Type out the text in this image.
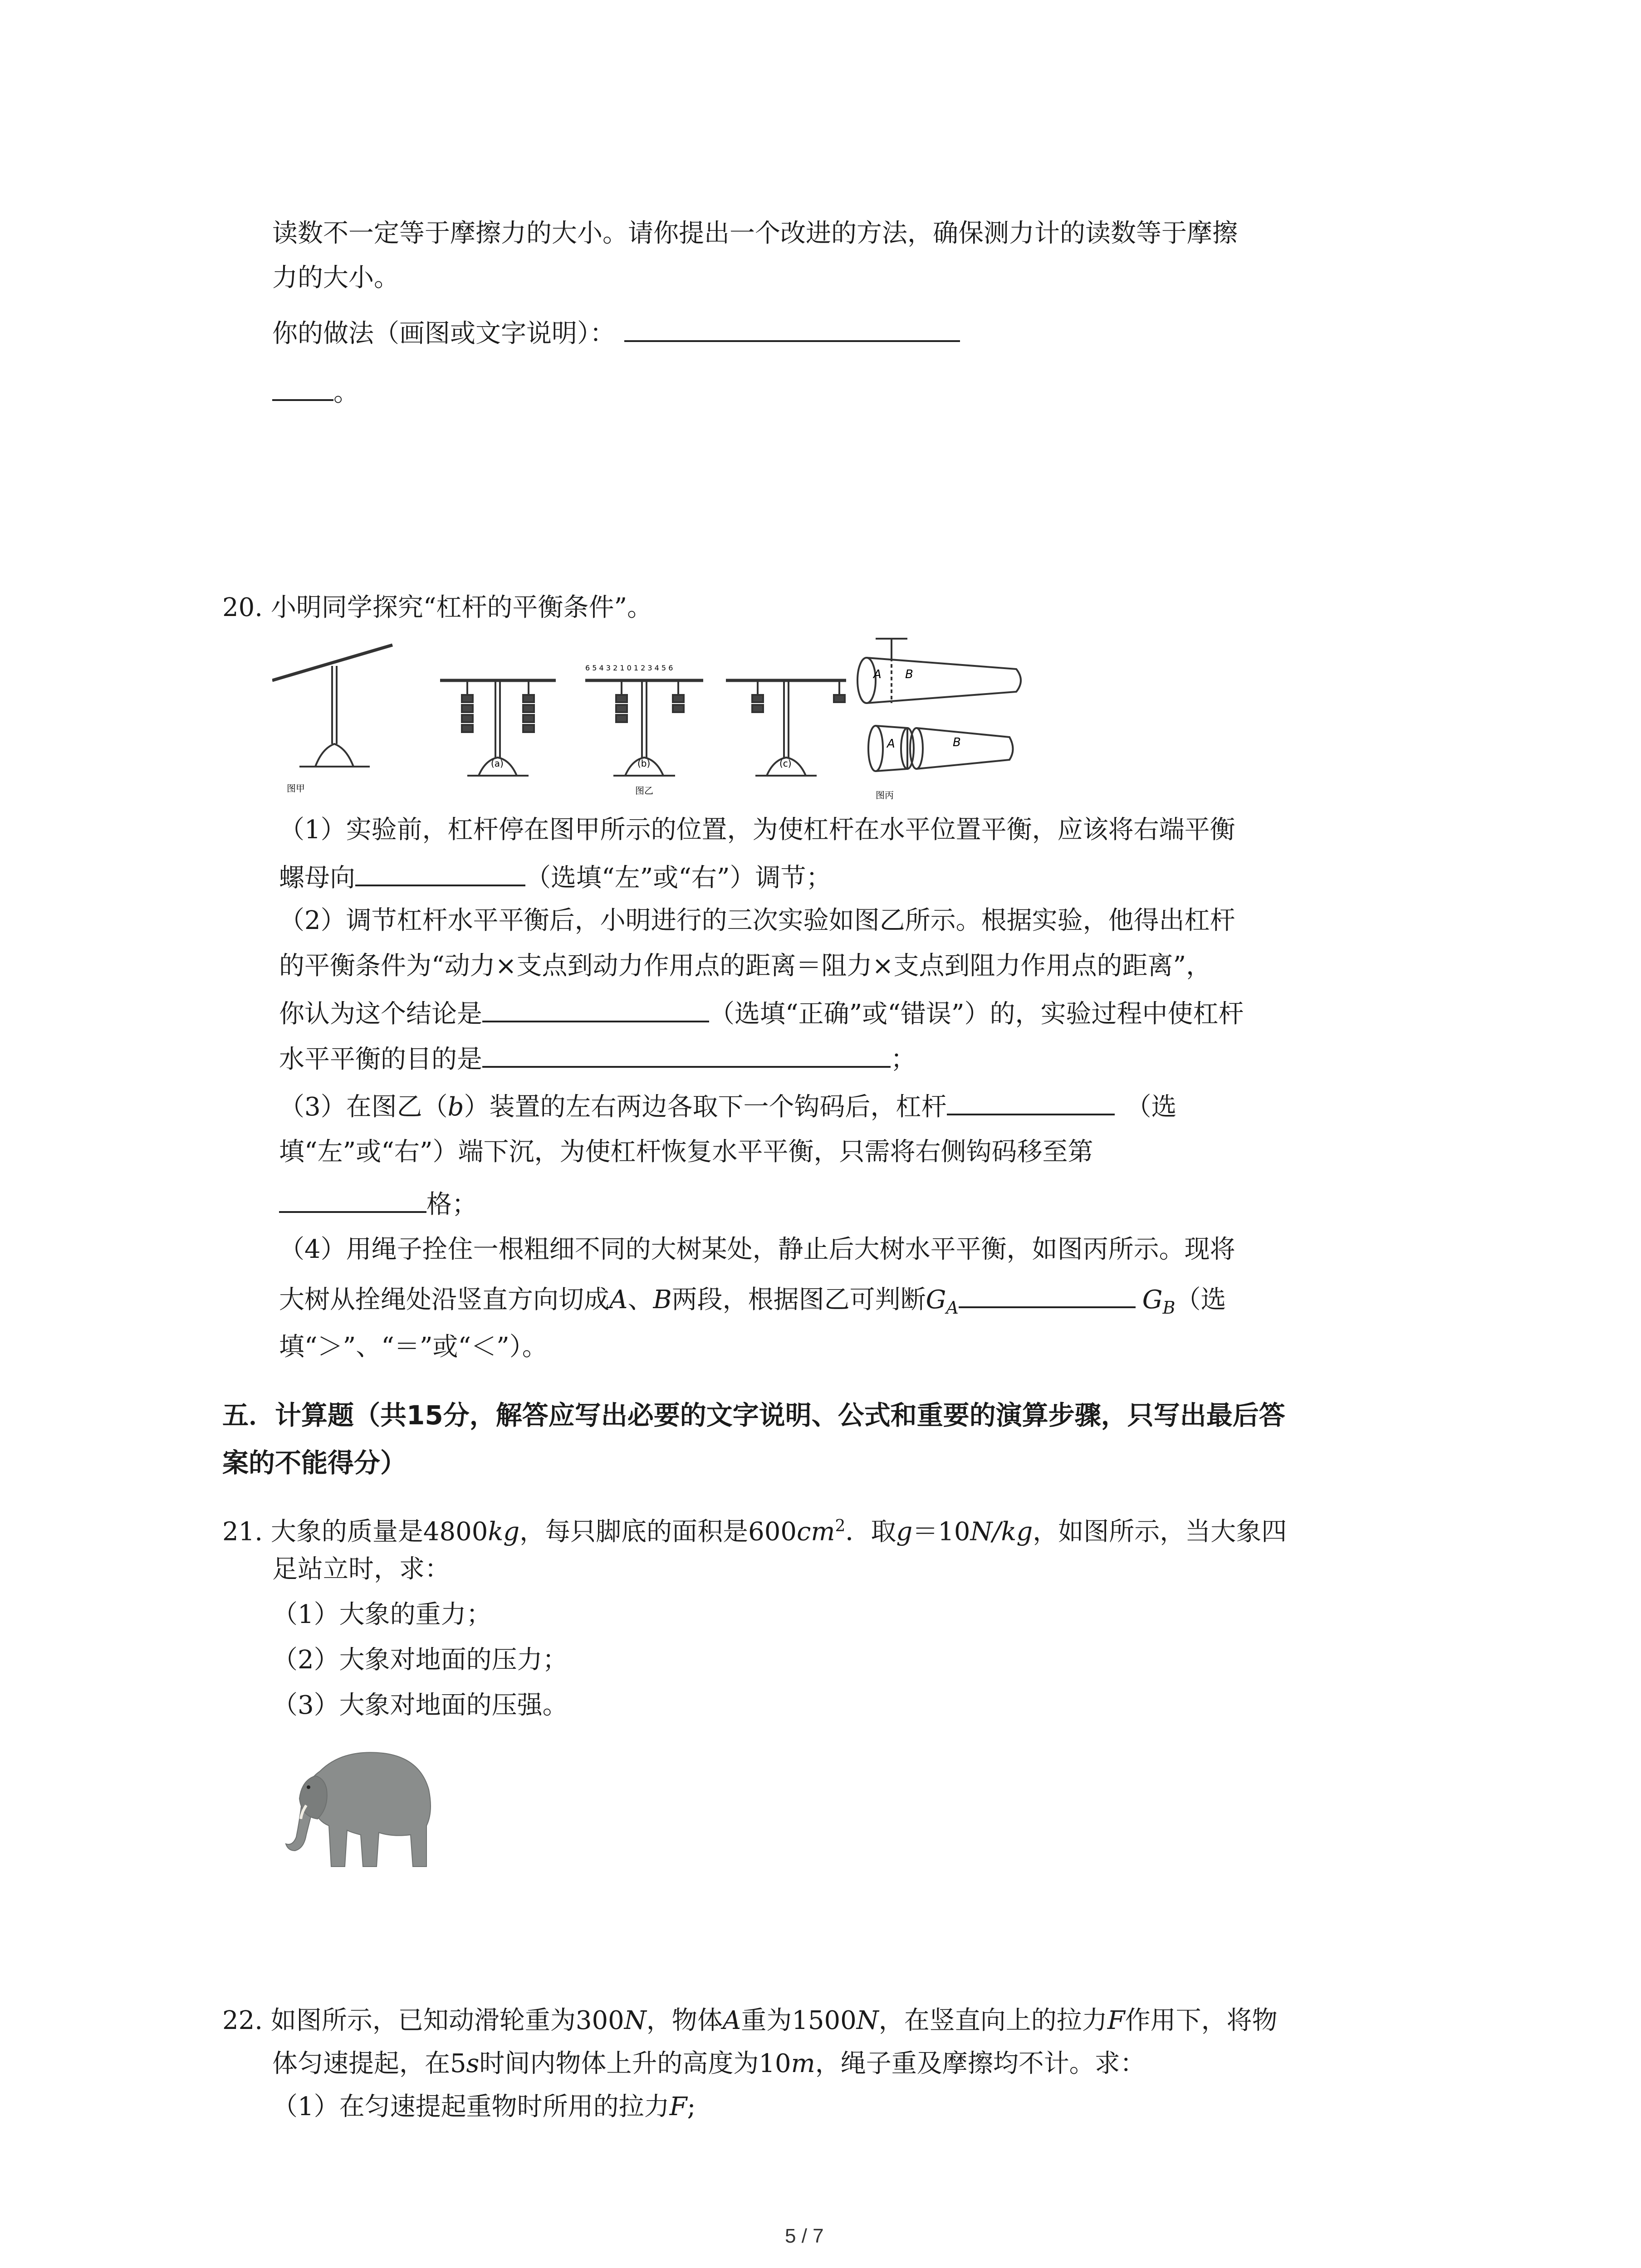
读数不一定等于摩擦力的大小。请你提出一个改进的方法，确保测力计的读数等于摩擦
力的大小。
你的做法（画图或文字说明）：
。
20. 小明同学探究“杠杆的平衡条件”。
6 5 4 3 2 1 0 1 2 3 4 5 6
图甲
(a)	(b)	(c)
图乙	图丙
A B
A	B
（1）实验前，杠杆停在图甲所示的位置，为使杠杆在水平位置平衡，应该将右端平衡
螺母向	（选填“左”或“右”）调节；
（2）调节杠杆水平平衡后，小明进行的三次实验如图乙所示。根据实验，他得出杠杆
的平衡条件为“动力×支点到动力作用点的距离＝阻力×支点到阻力作用点的距离”，
你认为这个结论是	（选填“正确”或“错误”）的，实验过程中使杠杆
水平平衡的目的是	；
（3）在图乙（b）装置的左右两边各取下一个钩码后，杠杆	（选
填“左”或“右”）端下沉，为使杠杆恢复水平平衡，只需将右侧钩码移至第
格；
（4）用绳子拴住一根粗细不同的大树某处，静止后大树水平平衡，如图丙所示。现将
大树从拴绳处沿竖直方向切成A、B两段，根据图乙可判断$G_A$	$G_B$（选
填“＞”、“＝”或“＜”）。
五．计算题（共15分，解答应写出必要的文字说明、公式和重要的演算步骤，只写出最后答
案的不能得分）
21. 大象的质量是4800kg，每只脚底的面积是$600cm^2$．取g＝10N/kg，如图所示，当大象四
足站立时，求：
（1）大象的重力；
（2）大象对地面的压力；
（3）大象对地面的压强。
22. 如图所示，已知动滑轮重为300N，物体A重为1500N，在竖直向上的拉力F作用下，将物
体匀速提起，在5s时间内物体上升的高度为10m，绳子重及摩擦均不计。求：
（1）在匀速提起重物时所用的拉力F;
5 / 7
